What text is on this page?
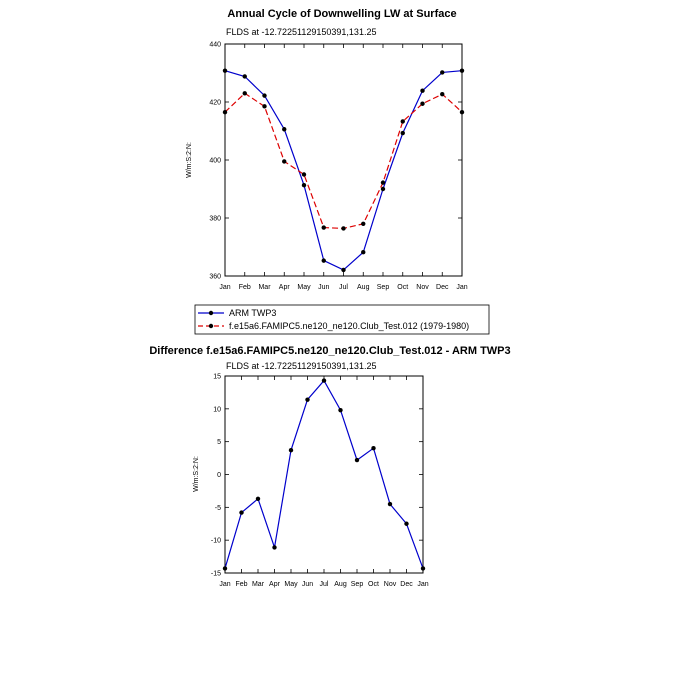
Annual Cycle of Downwelling LW at Surface
FLDS at -12.72251129150391,131.25
W/m:S:2:N:
360
380
400
420
440
Jan Feb Mar Apr May Jun Jul Aug Sep Oct Nov Dec Jan
ARM TWP3
f.e15a6.FAMIPC5.ne120_ne120.Club_Test.012 (1979-1980)
Difference f.e15a6.FAMIPC5.ne120_ne120.Club_Test.012 - ARM TWP3
FLDS at -12.72251129150391,131.25
W/m:S:2:N:
-15
-10
-5
0
5
10
15
Jan Feb Mar Apr May Jun Jul Aug Sep Oct Nov Dec Jan
